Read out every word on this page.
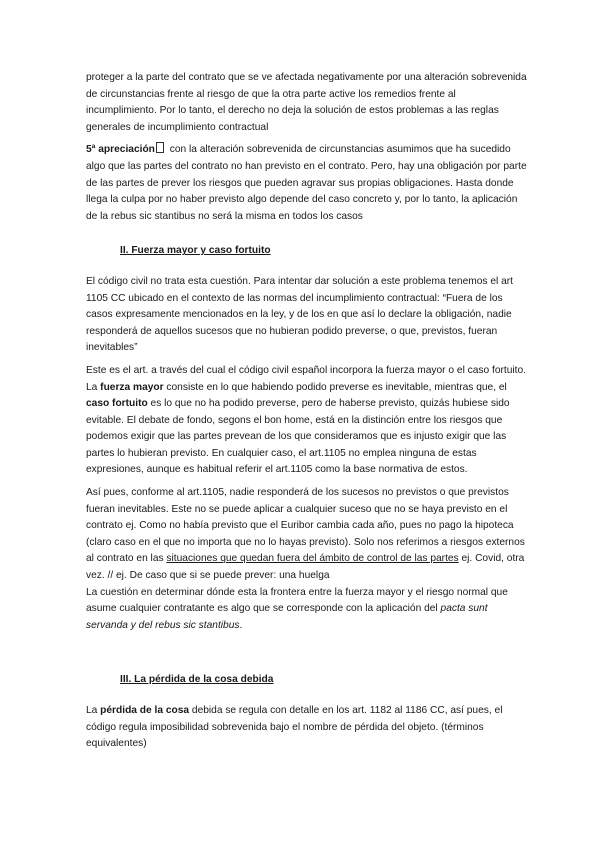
proteger a la parte del contrato que se ve afectada negativamente por una alteración sobrevenida de circunstancias frente al riesgo de que la otra parte active los remedios frente al incumplimiento. Por lo tanto, el derecho no deja la solución de estos problemas a las reglas generales de incumplimiento contractual

5ª apreciación con la alteración sobrevenida de circunstancias asumimos que ha sucedido algo que las partes del contrato no han previsto en el contrato. Pero, hay una obligación por parte de las partes de prever los riesgos que pueden agravar sus propias obligaciones. Hasta donde llega la culpa por no haber previsto algo depende del caso concreto y, por lo tanto, la aplicación de la rebus sic stantibus no será la misma en todos los casos

II. Fuerza mayor y caso fortuito

El código civil no trata esta cuestión. Para intentar dar solución a este problema tenemos el art 1105 CC ubicado en el contexto de las normas del incumplimiento contractual: “Fuera de los casos expresamente mencionados en la ley, y de los en que así lo declare la obligación, nadie responderá de aquellos sucesos que no hubieran podido preverse, o que, previstos, fueran inevitables”

Este es el art. a través del cual el código civil español incorpora la fuerza mayor o el caso fortuito. La fuerza mayor consiste en lo que habiendo podido preverse es inevitable, mientras que, el caso fortuito es lo que no ha podido preverse, pero de haberse previsto, quizás hubiese sido evitable. El debate de fondo, segons el bon home, está en la distinción entre los riesgos que podemos exigir que las partes prevean de los que consideramos que es injusto exigir que las partes lo hubieran previsto. En cualquier caso, el art.1105 no emplea ninguna de estas expresiones, aunque es habitual referir el art.1105 como la base normativa de estos.

Así pues, conforme al art.1105, nadie responderá de los sucesos no previstos o que previstos fueran inevitables. Este no se puede aplicar a cualquier suceso que no se haya previsto en el contrato ej. Como no había previsto que el Euribor cambia cada año, pues no pago la hipoteca (claro caso en el que no importa que no lo hayas previsto). Solo nos referimos a riesgos externos al contrato en las situaciones que quedan fuera del ámbito de control de las partes ej. Covid, otra vez. // ej. De caso que si se puede prever: una huelga

La cuestión en determinar dónde esta la frontera entre la fuerza mayor y el riesgo normal que asume cualquier contratante es algo que se corresponde con la aplicación del pacta sunt servanda y del rebus sic stantibus.

III. La pérdida de la cosa debida

La pérdida de la cosa debida se regula con detalle en los art. 1182 al 1186 CC, así pues, el código regula imposibilidad sobrevenida bajo el nombre de pérdida del objeto. (términos equivalentes)
